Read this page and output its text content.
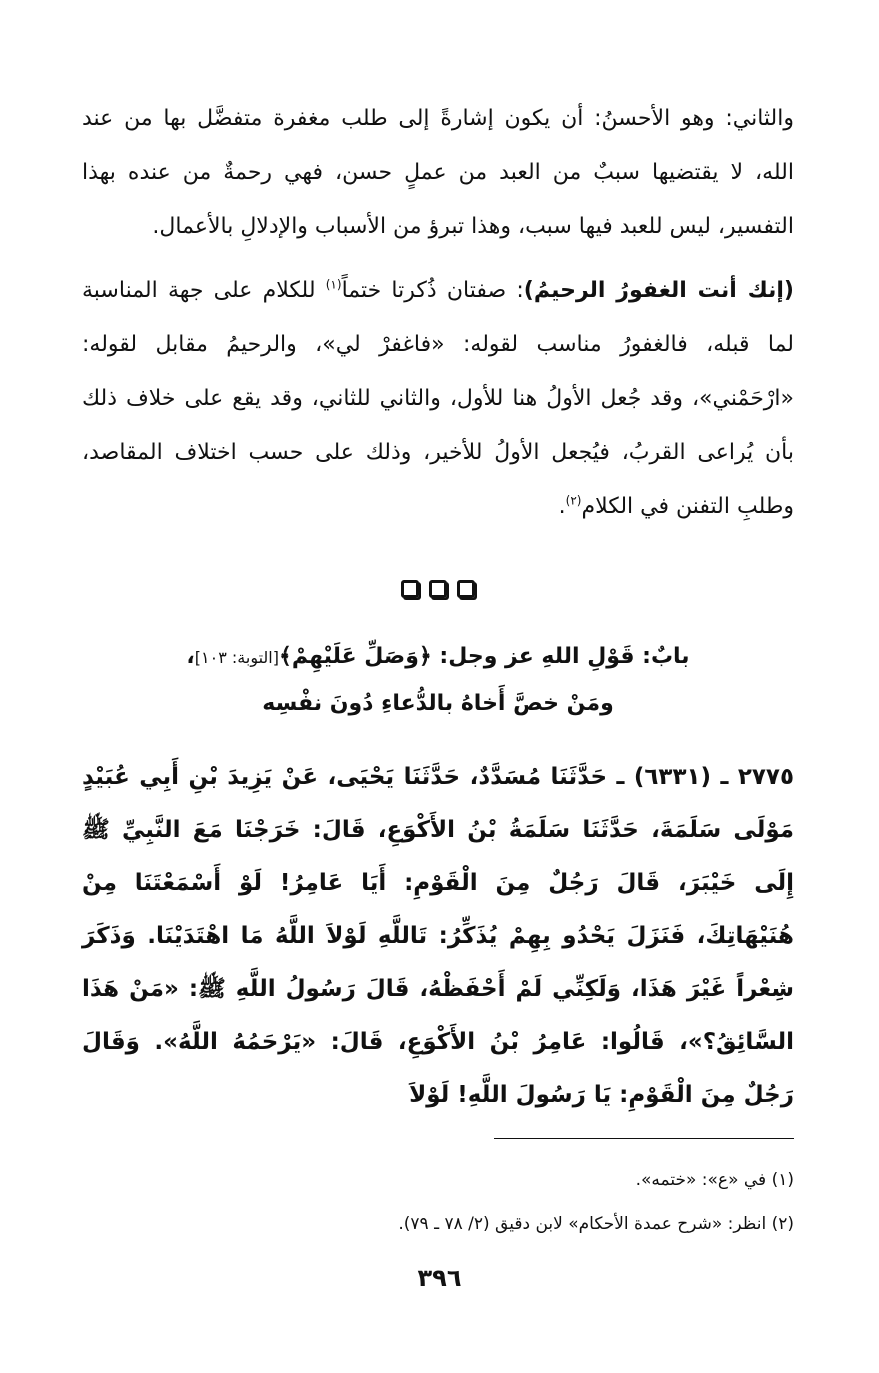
والثاني: وهو الأحسنُ: أن يكون إشارةً إلى طلب مغفرة متفضَّل بها من عند الله، لا يقتضيها سببٌ من العبد من عملٍ حسن، فهي رحمةٌ من عنده بهذا التفسير، ليس للعبد فيها سبب، وهذا تبرؤ من الأسباب والإدلالِ بالأعمال.

(إنك أنت الغفورُ الرحيمُ): صفتان ذُكرتا ختماً$^{(١)}$ للكلام على جهة المناسبة لما قبله، فالغفورُ مناسب لقوله: «فاغفرْ لي»، والرحيمُ مقابل لقوله: «ارْحَمْني»، وقد جُعل الأولُ هنا للأول، والثاني للثاني، وقد يقع على خلاف ذلك بأن يُراعى القربُ، فيُجعل الأولُ للأخير، وذلك على حسب اختلاف المقاصد، وطلبِ التفنن في الكلام$^{(٢)}$.

بابٌ: قَوْلِ اللهِ عز وجل: ﴿وَصَلِّ عَلَيْهِمْ﴾[التوبة: ١٠٣]،
ومَنْ خصَّ أَخاهُ بالدُّعاءِ دُونَ نفْسِه

٢٧٧٥ ـ (٦٣٣١) ـ حَدَّثَنَا مُسَدَّدٌ، حَدَّثَنَا يَحْيَى، عَنْ يَزِيدَ بْنِ أَبِي عُبَيْدٍ مَوْلَى سَلَمَةَ، حَدَّثَنَا سَلَمَةُ بْنُ الأَكْوَعِ، قَالَ: خَرَجْنَا مَعَ النَّبِيِّ ﷺ إِلَى خَيْبَرَ، قَالَ رَجُلٌ مِنَ الْقَوْمِ: أَيَا عَامِرُ! لَوْ أَسْمَعْتَنَا مِنْ هُنَيْهَاتِكَ، فَنَزَلَ يَحْدُو بِهِمْ يُذَكِّرُ: تَاللَّهِ لَوْلاَ اللَّهُ مَا اهْتَدَيْنَا. وَذَكَرَ شِعْراً غَيْرَ هَذَا، وَلَكِنِّي لَمْ أَحْفَظْهُ، قَالَ رَسُولُ اللَّهِ ﷺ: «مَنْ هَذَا السَّائِقُ؟»، قَالُوا: عَامِرُ بْنُ الأَكْوَعِ، قَالَ: «يَرْحَمُهُ اللَّهُ». وَقَالَ رَجُلٌ مِنَ الْقَوْمِ: يَا رَسُولَ اللَّهِ! لَوْلاَ

(١) في «ع»: «ختمه».

(٢) انظر: «شرح عمدة الأحكام» لابن دقيق (٢/ ٧٨ ـ ٧٩).

٣٩٦
